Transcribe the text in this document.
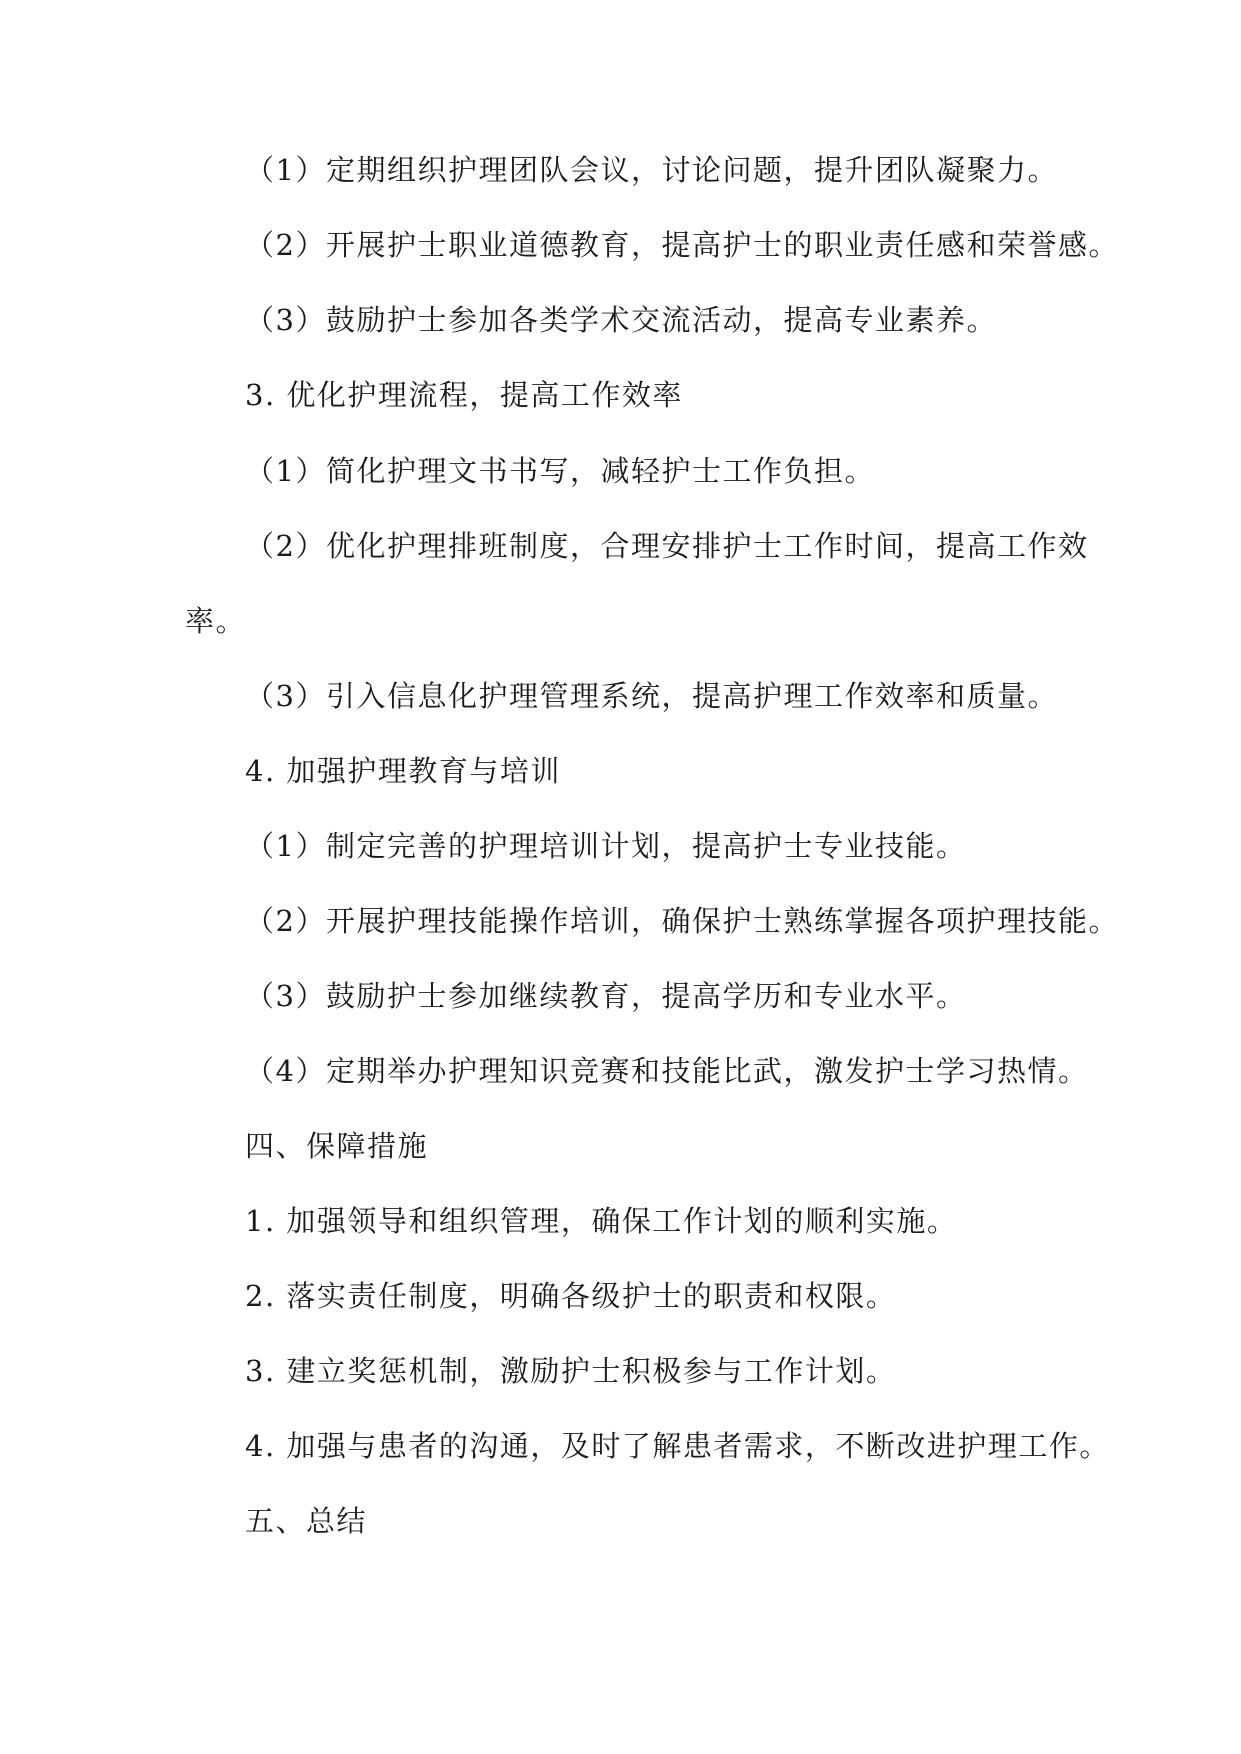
（1）定期组织护理团队会议，讨论问题，提升团队凝聚力。
（2）开展护士职业道德教育，提高护士的职业责任感和荣誉感。
（3）鼓励护士参加各类学术交流活动，提高专业素养。
3. 优化护理流程，提高工作效率
（1）简化护理文书书写，减轻护士工作负担。
（2）优化护理排班制度，合理安排护士工作时间，提高工作效
率。
（3）引入信息化护理管理系统，提高护理工作效率和质量。
4. 加强护理教育与培训
（1）制定完善的护理培训计划，提高护士专业技能。
（2）开展护理技能操作培训，确保护士熟练掌握各项护理技能。
（3）鼓励护士参加继续教育，提高学历和专业水平。
（4）定期举办护理知识竞赛和技能比武，激发护士学习热情。
四、保障措施
1. 加强领导和组织管理，确保工作计划的顺利实施。
2. 落实责任制度，明确各级护士的职责和权限。
3. 建立奖惩机制，激励护士积极参与工作计划。
4. 加强与患者的沟通，及时了解患者需求，不断改进护理工作。
五、总结
